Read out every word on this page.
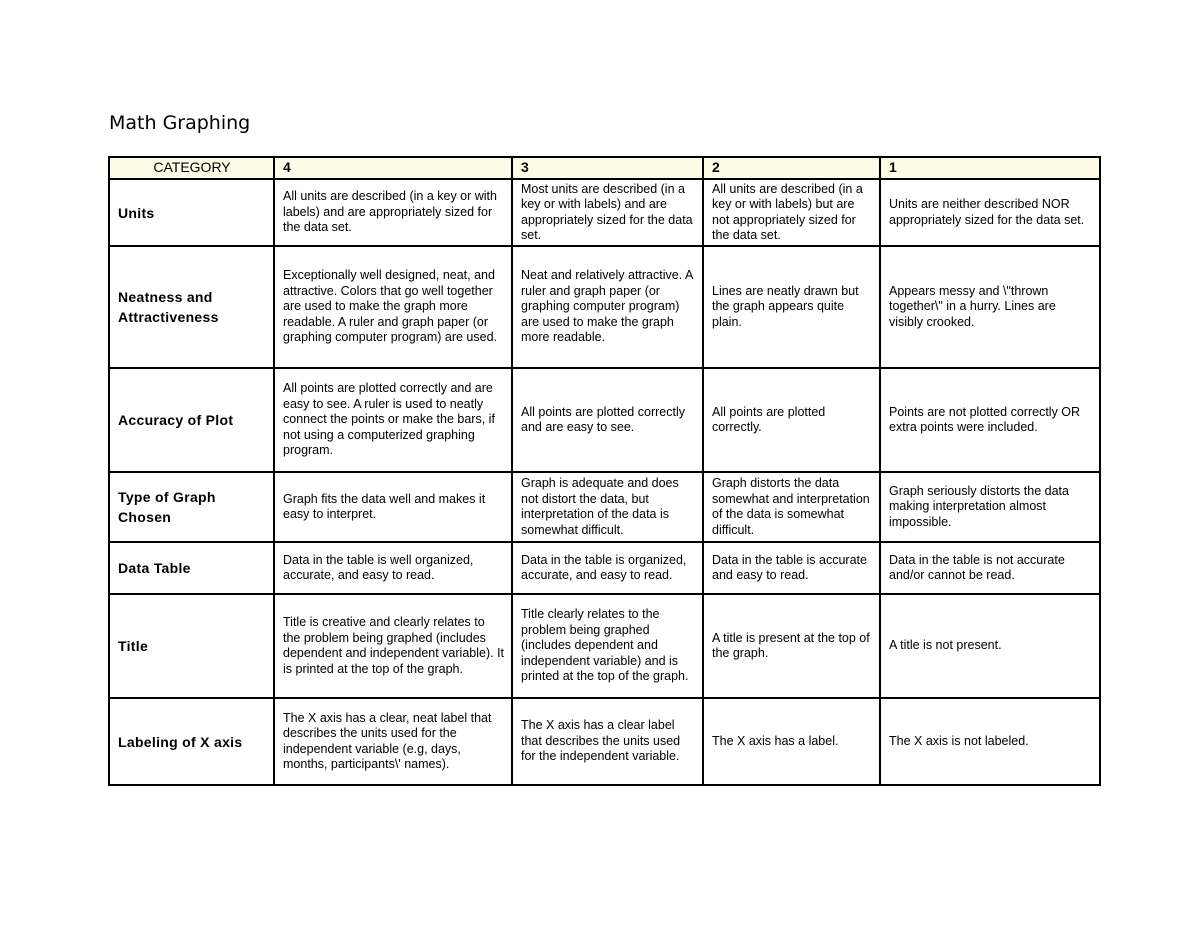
Math Graphing
CATEGORY	4	3	2	1
Units	All units are described (in a key or with labels) and are appropriately sized for the data set.	Most units are described (in a key or with labels) and are appropriately sized for the data set.	All units are described (in a key or with labels) but are not appropriately sized for the data set.	Units are neither described NOR appropriately sized for the data set.
Neatness and Attractiveness	Exceptionally well designed, neat, and attractive. Colors that go well together are used to make the graph more readable. A ruler and graph paper (or graphing computer program) are used.	Neat and relatively attractive. A ruler and graph paper (or graphing computer program) are used to make the graph more readable.	Lines are neatly drawn but the graph appears quite plain.	Appears messy and \"thrown together\" in a hurry. Lines are visibly crooked.
Accuracy of Plot	All points are plotted correctly and are easy to see. A ruler is used to neatly connect the points or make the bars, if not using a computerized graphing program.	All points are plotted correctly and are easy to see.	All points are plotted correctly.	Points are not plotted correctly OR extra points were included.
Type of Graph Chosen	Graph fits the data well and makes it easy to interpret.	Graph is adequate and does not distort the data, but interpretation of the data is somewhat difficult.	Graph distorts the data somewhat and interpretation of the data is somewhat difficult.	Graph seriously distorts the data making interpretation almost impossible.
Data Table	Data in the table is well organized, accurate, and easy to read.	Data in the table is organized, accurate, and easy to read.	Data in the table is accurate and easy to read.	Data in the table is not accurate and/or cannot be read.
Title	Title is creative and clearly relates to the problem being graphed (includes dependent and independent variable). It is printed at the top of the graph.	Title clearly relates to the problem being graphed (includes dependent and independent variable) and is printed at the top of the graph.	A title is present at the top of the graph.	A title is not present.
Labeling of X axis	The X axis has a clear, neat label that describes the units used for the independent variable (e.g, days, months, participants\' names).	The X axis has a clear label that describes the units used for the independent variable.	The X axis has a label.	The X axis is not labeled.
